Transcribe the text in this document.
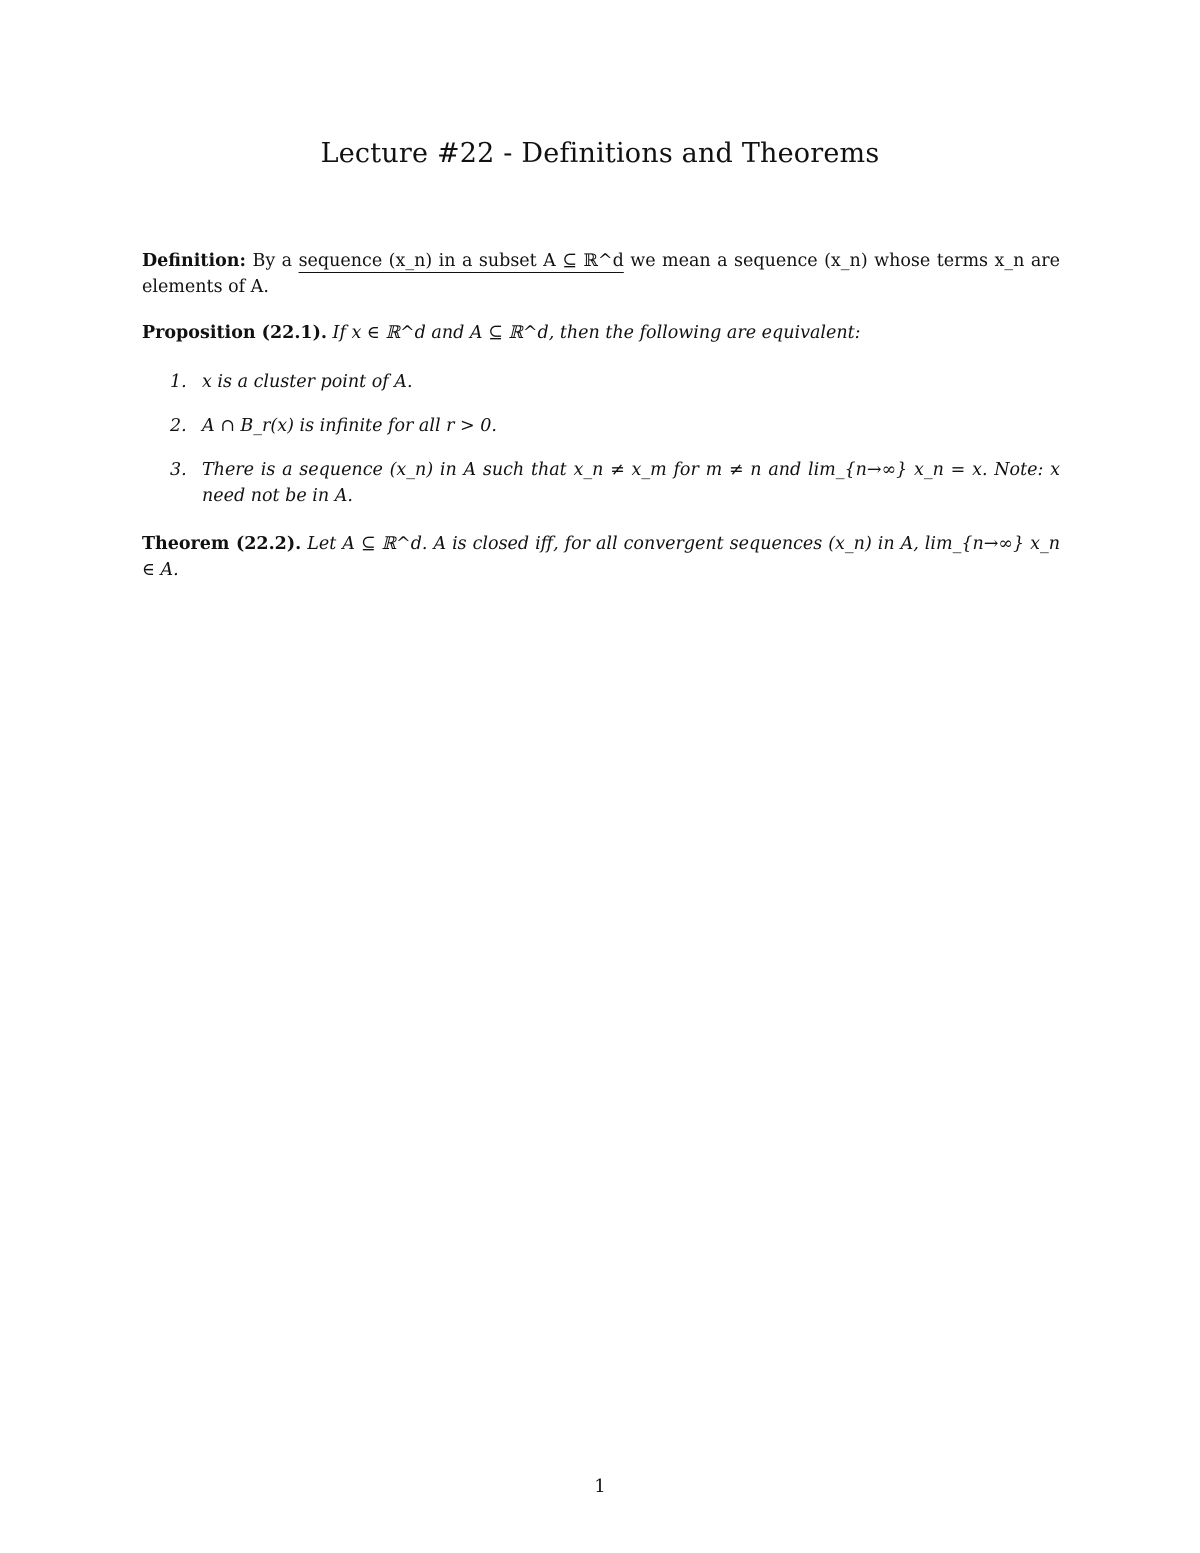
Lecture #22 - Definitions and Theorems
Definition: By a sequence (x_n) in a subset A ⊆ ℝ^d we mean a sequence (x_n) whose terms x_n are elements of A.
Proposition (22.1). If x ∈ ℝ^d and A ⊆ ℝ^d, then the following are equivalent:
1. x is a cluster point of A.
2. A ∩ B_r(x) is infinite for all r > 0.
3. There is a sequence (x_n) in A such that x_n ≠ x_m for m ≠ n and lim_{n→∞} x_n = x. Note: x need not be in A.
Theorem (22.2). Let A ⊆ ℝ^d. A is closed iff, for all convergent sequences (x_n) in A, lim_{n→∞} x_n ∈ A.
1
